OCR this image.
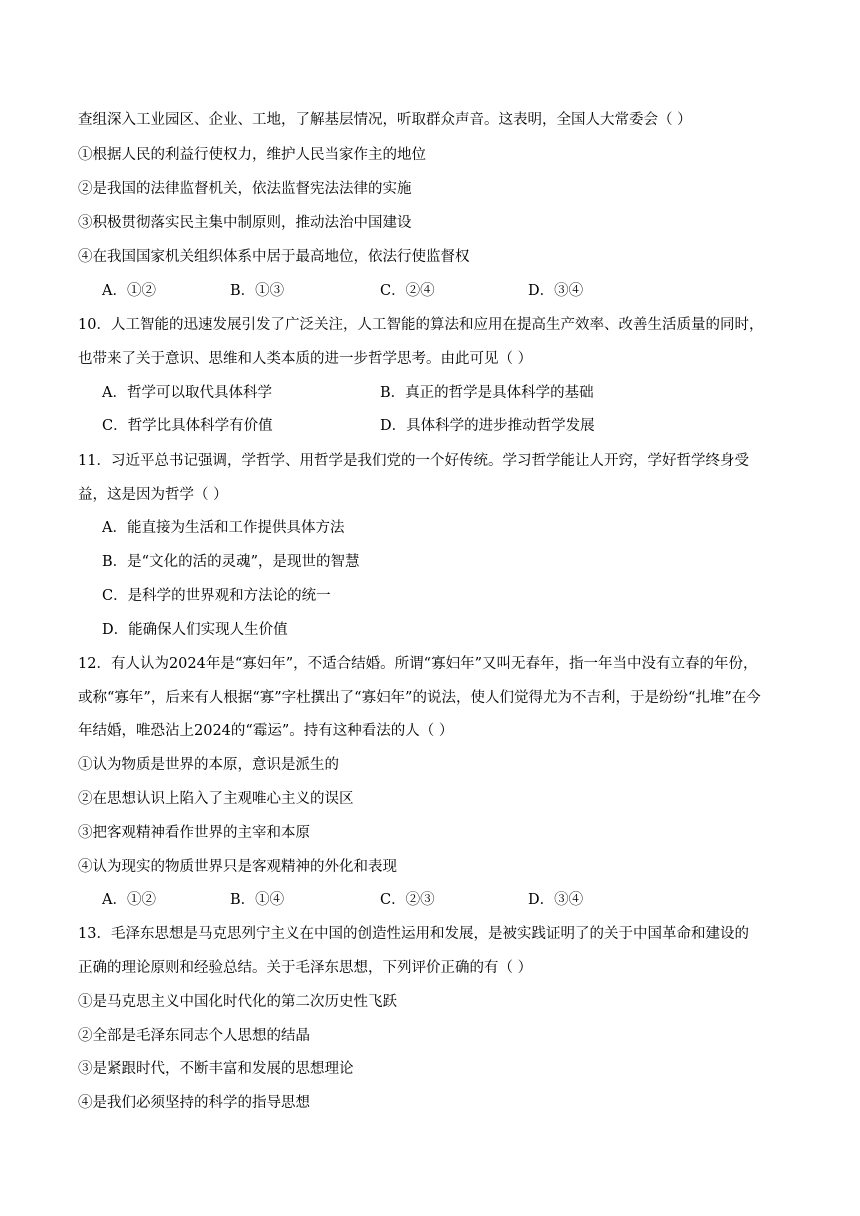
查组深入工业园区、企业、工地，了解基层情况，听取群众声音。这表明，全国人大常委会（ ）
①根据人民的利益行使权力，维护人民当家作主的地位
②是我国的法律监督机关，依法监督宪法法律的实施
③积极贯彻落实民主集中制原则，推动法治中国建设
④在我国国家机关组织体系中居于最高地位，依法行使监督权
A．①②	B．①③	C．②④	D．③④
10．人工智能的迅速发展引发了广泛关注，人工智能的算法和应用在提高生产效率、改善生活质量的同时，
也带来了关于意识、思维和人类本质的进一步哲学思考。由此可见（ ）
A．哲学可以取代具体科学	B．真正的哲学是具体科学的基础
C．哲学比具体科学有价值	D．具体科学的进步推动哲学发展
11．习近平总书记强调，学哲学、用哲学是我们党的一个好传统。学习哲学能让人开窍，学好哲学终身受
益，这是因为哲学（ ）
A．能直接为生活和工作提供具体方法
B．是“文化的活的灵魂”，是现世的智慧
C．是科学的世界观和方法论的统一
D．能确保人们实现人生价值
12．有人认为2024年是“寡妇年”，不适合结婚。所谓“寡妇年”又叫无春年，指一年当中没有立春的年份，
或称“寡年”，后来有人根据“寡”字杜撰出了“寡妇年”的说法，使人们觉得尤为不吉利，于是纷纷“扎堆”在今
年结婚，唯恐沾上2024的“霉运”。持有这种看法的人（ ）
①认为物质是世界的本原，意识是派生的
②在思想认识上陷入了主观唯心主义的误区
③把客观精神看作世界的主宰和本原
④认为现实的物质世界只是客观精神的外化和表现
A．①②	B．①④	C．②③	D．③④
13．毛泽东思想是马克思列宁主义在中国的创造性运用和发展，是被实践证明了的关于中国革命和建设的
正确的理论原则和经验总结。关于毛泽东思想，下列评价正确的有（ ）
①是马克思主义中国化时代化的第二次历史性飞跃
②全部是毛泽东同志个人思想的结晶
③是紧跟时代，不断丰富和发展的思想理论
④是我们必须坚持的科学的指导思想
